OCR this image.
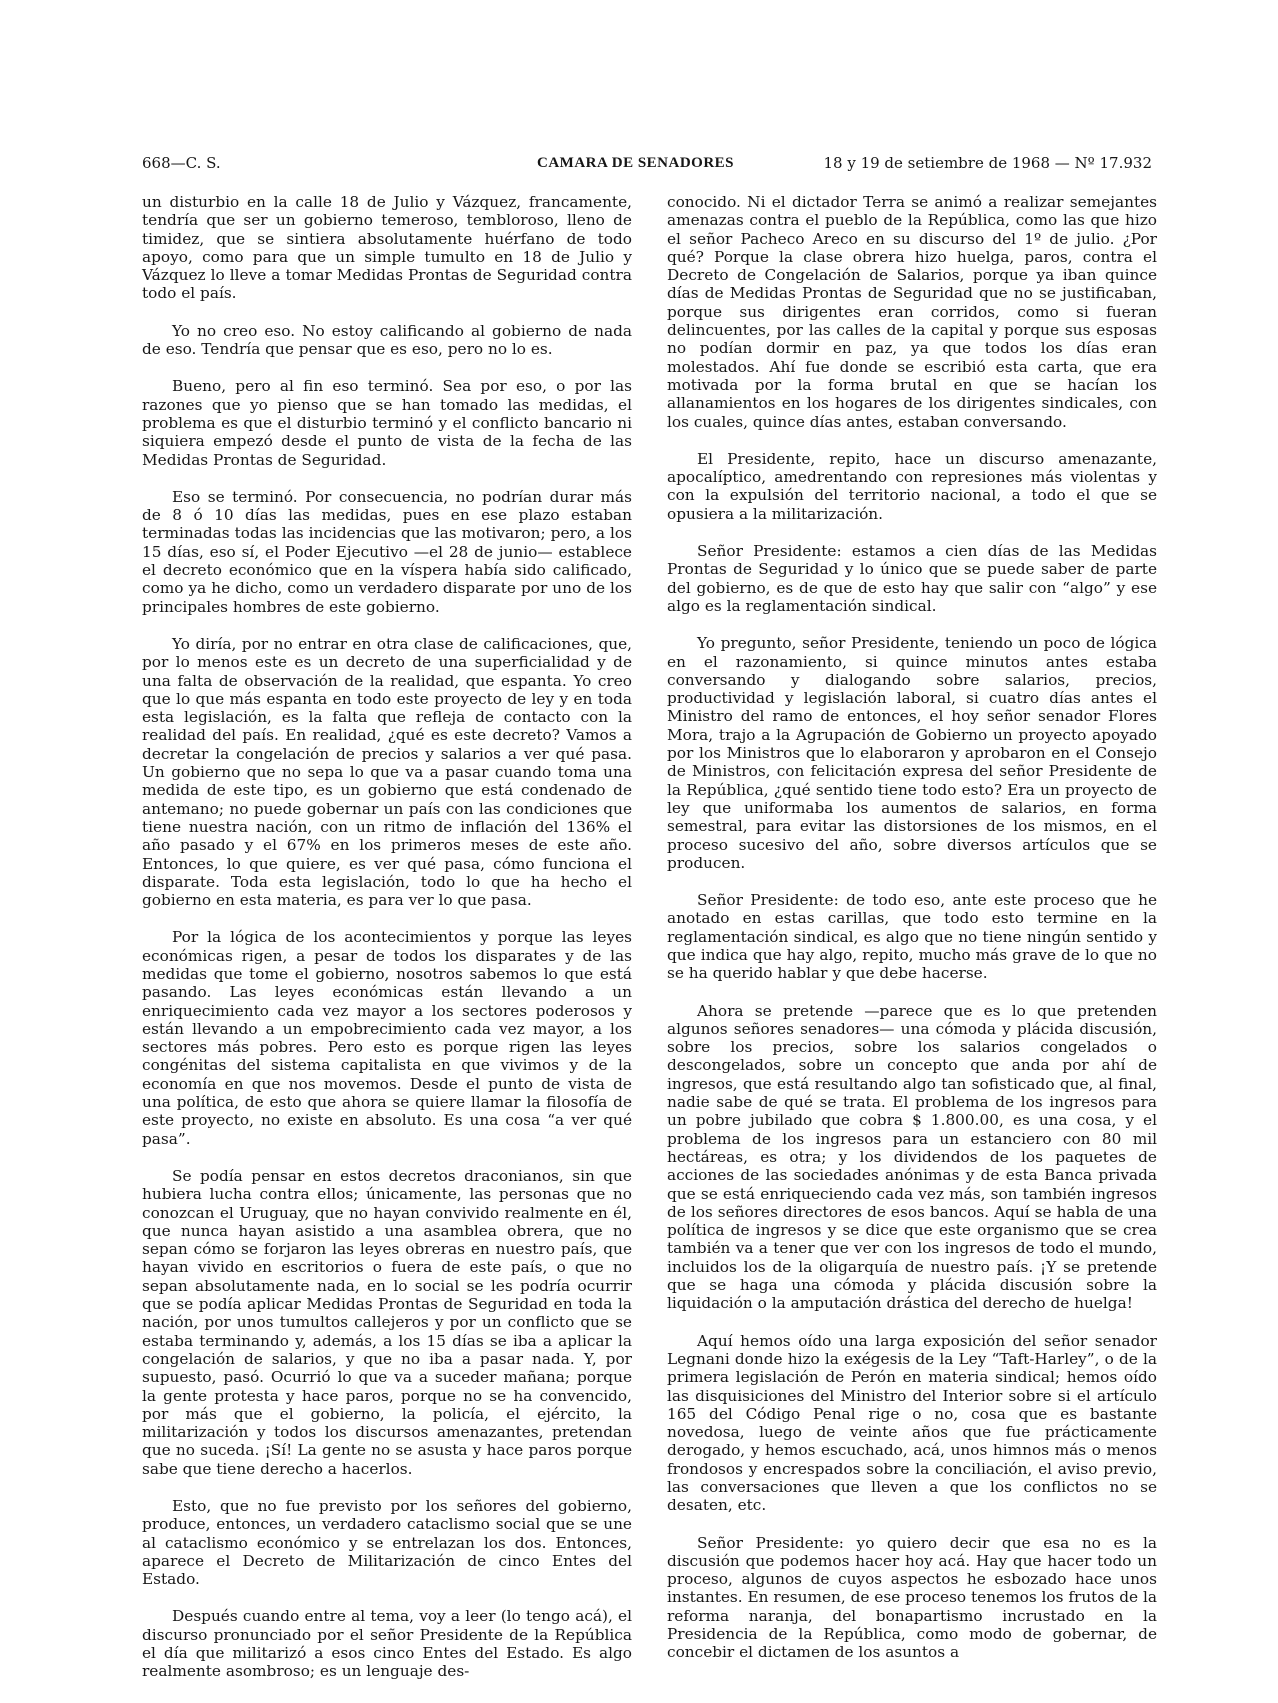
668—C. S.	CAMARA DE SENADORES	18 y 19 de setiembre de 1968 — Nº 17.932

un disturbio en la calle 18 de Julio y Vázquez, francamente, tendría que ser un gobierno temeroso, tembloroso, lleno de timidez, que se sintiera absolutamente huérfano de todo apoyo, como para que un simple tumulto en 18 de Julio y Vázquez lo lleve a tomar Medidas Prontas de Seguridad contra todo el país.

Yo no creo eso. No estoy calificando al gobierno de nada de eso. Tendría que pensar que es eso, pero no lo es.

Bueno, pero al fin eso terminó. Sea por eso, o por las razones que yo pienso que se han tomado las medidas, el problema es que el disturbio terminó y el conflicto bancario ni siquiera empezó desde el punto de vista de la fecha de las Medidas Prontas de Seguridad.

Eso se terminó. Por consecuencia, no podrían durar más de 8 ó 10 días las medidas, pues en ese plazo estaban terminadas todas las incidencias que las motivaron; pero, a los 15 días, eso sí, el Poder Ejecutivo —el 28 de junio— establece el decreto económico que en la víspera había sido calificado, como ya he dicho, como un verdadero disparate por uno de los principales hombres de este gobierno.

Yo diría, por no entrar en otra clase de calificaciones, que, por lo menos este es un decreto de una superficialidad y de una falta de observación de la realidad, que espanta. Yo creo que lo que más espanta en todo este proyecto de ley y en toda esta legislación, es la falta que refleja de contacto con la realidad del país. En realidad, ¿qué es este decreto? Vamos a decretar la congelación de precios y salarios a ver qué pasa. Un gobierno que no sepa lo que va a pasar cuando toma una medida de este tipo, es un gobierno que está condenado de antemano; no puede gobernar un país con las condiciones que tiene nuestra nación, con un ritmo de inflación del 136% el año pasado y el 67% en los primeros meses de este año. Entonces, lo que quiere, es ver qué pasa, cómo funciona el disparate. Toda esta legislación, todo lo que ha hecho el gobierno en esta materia, es para ver lo que pasa.

Por la lógica de los acontecimientos y porque las leyes económicas rigen, a pesar de todos los disparates y de las medidas que tome el gobierno, nosotros sabemos lo que está pasando. Las leyes económicas están llevando a un enriquecimiento cada vez mayor a los sectores poderosos y están llevando a un empobrecimiento cada vez mayor, a los sectores más pobres. Pero esto es porque rigen las leyes congénitas del sistema capitalista en que vivimos y de la economía en que nos movemos. Desde el punto de vista de una política, de esto que ahora se quiere llamar la filosofía de este proyecto, no existe en absoluto. Es una cosa “a ver qué pasa”.

Se podía pensar en estos decretos draconianos, sin que hubiera lucha contra ellos; únicamente, las personas que no conozcan el Uruguay, que no hayan convivido realmente en él, que nunca hayan asistido a una asamblea obrera, que no sepan cómo se forjaron las leyes obreras en nuestro país, que hayan vivido en escritorios o fuera de este país, o que no sepan absolutamente nada, en lo social se les podría ocurrir que se podía aplicar Medidas Prontas de Seguridad en toda la nación, por unos tumultos callejeros y por un conflicto que se estaba terminando y, además, a los 15 días se iba a aplicar la congelación de salarios, y que no iba a pasar nada. Y, por supuesto, pasó. Ocurrió lo que va a suceder mañana; porque la gente protesta y hace paros, porque no se ha convencido, por más que el gobierno, la policía, el ejército, la militarización y todos los discursos amenazantes, pretendan que no suceda. ¡Sí! La gente no se asusta y hace paros porque sabe que tiene derecho a hacerlos.

Esto, que no fue previsto por los señores del gobierno, produce, entonces, un verdadero cataclismo social que se une al cataclismo económico y se entrelazan los dos. Entonces, aparece el Decreto de Militarización de cinco Entes del Estado.

Después cuando entre al tema, voy a leer (lo tengo acá), el discurso pronunciado por el señor Presidente de la República el día que militarizó a esos cinco Entes del Estado. Es algo realmente asombroso; es un lenguaje des-

conocido. Ni el dictador Terra se animó a realizar semejantes amenazas contra el pueblo de la República, como las que hizo el señor Pacheco Areco en su discurso del 1º de julio. ¿Por qué? Porque la clase obrera hizo huelga, paros, contra el Decreto de Congelación de Salarios, porque ya iban quince días de Medidas Prontas de Seguridad que no se justificaban, porque sus dirigentes eran corridos, como si fueran delincuentes, por las calles de la capital y porque sus esposas no podían dormir en paz, ya que todos los días eran molestados. Ahí fue donde se escribió esta carta, que era motivada por la forma brutal en que se hacían los allanamientos en los hogares de los dirigentes sindicales, con los cuales, quince días antes, estaban conversando.

El Presidente, repito, hace un discurso amenazante, apocalíptico, amedrentando con represiones más violentas y con la expulsión del territorio nacional, a todo el que se opusiera a la militarización.

Señor Presidente: estamos a cien días de las Medidas Prontas de Seguridad y lo único que se puede saber de parte del gobierno, es de que de esto hay que salir con “algo” y ese algo es la reglamentación sindical.

Yo pregunto, señor Presidente, teniendo un poco de lógica en el razonamiento, si quince minutos antes estaba conversando y dialogando sobre salarios, precios, productividad y legislación laboral, si cuatro días antes el Ministro del ramo de entonces, el hoy señor senador Flores Mora, trajo a la Agrupación de Gobierno un proyecto apoyado por los Ministros que lo elaboraron y aprobaron en el Consejo de Ministros, con felicitación expresa del señor Presidente de la República, ¿qué sentido tiene todo esto? Era un proyecto de ley que uniformaba los aumentos de salarios, en forma semestral, para evitar las distorsiones de los mismos, en el proceso sucesivo del año, sobre diversos artículos que se producen.

Señor Presidente: de todo eso, ante este proceso que he anotado en estas carillas, que todo esto termine en la reglamentación sindical, es algo que no tiene ningún sentido y que indica que hay algo, repito, mucho más grave de lo que no se ha querido hablar y que debe hacerse.

Ahora se pretende —parece que es lo que pretenden algunos señores senadores— una cómoda y plácida discusión, sobre los precios, sobre los salarios congelados o descongelados, sobre un concepto que anda por ahí de ingresos, que está resultando algo tan sofisticado que, al final, nadie sabe de qué se trata. El problema de los ingresos para un pobre jubilado que cobra $ 1.800.00, es una cosa, y el problema de los ingresos para un estanciero con 80 mil hectáreas, es otra; y los dividendos de los paquetes de acciones de las sociedades anónimas y de esta Banca privada que se está enriqueciendo cada vez más, son también ingresos de los señores directores de esos bancos. Aquí se habla de una política de ingresos y se dice que este organismo que se crea también va a tener que ver con los ingresos de todo el mundo, incluidos los de la oligarquía de nuestro país. ¡Y se pretende que se haga una cómoda y plácida discusión sobre la liquidación o la amputación drástica del derecho de huelga!

Aquí hemos oído una larga exposición del señor senador Legnani donde hizo la exégesis de la Ley “Taft-Harley”, o de la primera legislación de Perón en materia sindical; hemos oído las disquisiciones del Ministro del Interior sobre si el artículo 165 del Código Penal rige o no, cosa que es bastante novedosa, luego de veinte años que fue prácticamente derogado, y hemos escuchado, acá, unos himnos más o menos frondosos y encrespados sobre la conciliación, el aviso previo, las conversaciones que lleven a que los conflictos no se desaten, etc.

Señor Presidente: yo quiero decir que esa no es la discusión que podemos hacer hoy acá. Hay que hacer todo un proceso, algunos de cuyos aspectos he esbozado hace unos instantes. En resumen, de ese proceso tenemos los frutos de la reforma naranja, del bonapartismo incrustado en la Presidencia de la República, como modo de gobernar, de concebir el dictamen de los asuntos a
